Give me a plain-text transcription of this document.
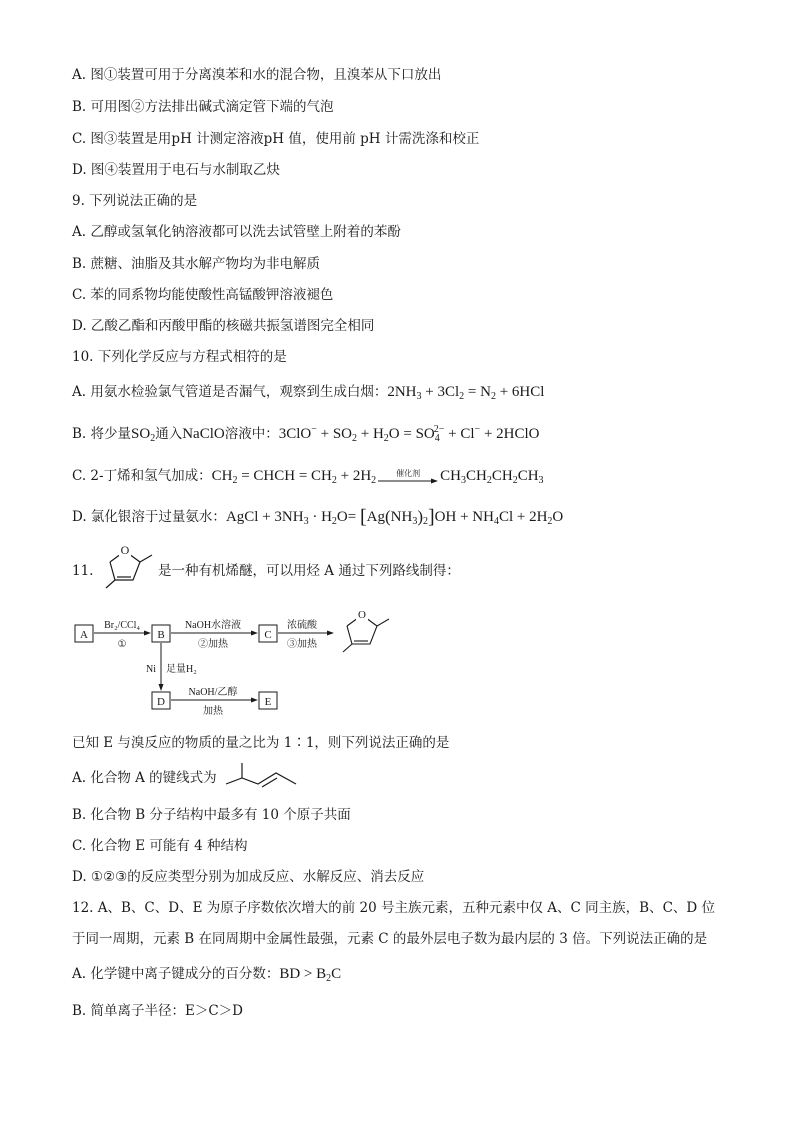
A. 图①装置可用于分离溴苯和水的混合物，且溴苯从下口放出
B. 可用图②方法排出碱式滴定管下端的气泡
C. 图③装置是用pH 计测定溶液pH 值，使用前 pH 计需洗涤和校正
D. 图④装置用于电石与水制取乙炔
9. 下列说法正确的是
A. 乙醇或氢氧化钠溶液都可以洗去试管壁上附着的苯酚
B. 蔗糖、油脂及其水解产物均为非电解质
C. 苯的同系物均能使酸性高锰酸钾溶液褪色
D. 乙酸乙酯和丙酸甲酯的核磁共振氢谱图完全相同
10. 下列化学反应与方程式相符的是
A. 用氨水检验氯气管道是否漏气，观察到生成白烟：$2NH_3 + 3Cl_2 = N_2 + 6HCl$
B. 将少量$SO_2$通入NaClO溶液中：$3ClO^- + SO_2 + H_2O = SO_4^{2-} + Cl^-$ + 2HClO
C. 2-丁烯和氢气加成：$CH_2$ = CHCH = $CH_2 + 2H_2$
催化剂	$CH_3CH_2CH_2CH_3$
D. 氯化银溶于过量氨水：AgCl + $3NH_3 \cdot H_2O= [Ag(NH_3)_2]OH + NH_4Cl + 2H_2O$
11.
O
是一种有机烯醚，可以用烃 A 通过下列路线制得：
A
Br₂/CCl₄
①
B
NaOH水溶液
②加热
C
浓硫酸
③加热
O
Ni 足量H₂
D
NaOH/乙醇
加热
E
已知 E 与溴反应的物质的量之比为 1∶1，则下列说法正确的是
A. 化合物 A 的键线式为
B. 化合物 B 分子结构中最多有 10 个原子共面
C. 化合物 E 可能有 4 种结构
D. ①②③的反应类型分别为加成反应、水解反应、消去反应
12. A、B、C、D、E 为原子序数依次增大的前 20 号主族元素，五种元素中仅 A、C 同主族，B、C、D 位
于同一周期，元素 B 在同周期中金属性最强，元素 C 的最外层电子数为最内层的 3 倍。下列说法正确的是
A. 化学键中离子键成分的百分数：BD > $B_2C$
B. 简单离子半径：E＞C＞D
